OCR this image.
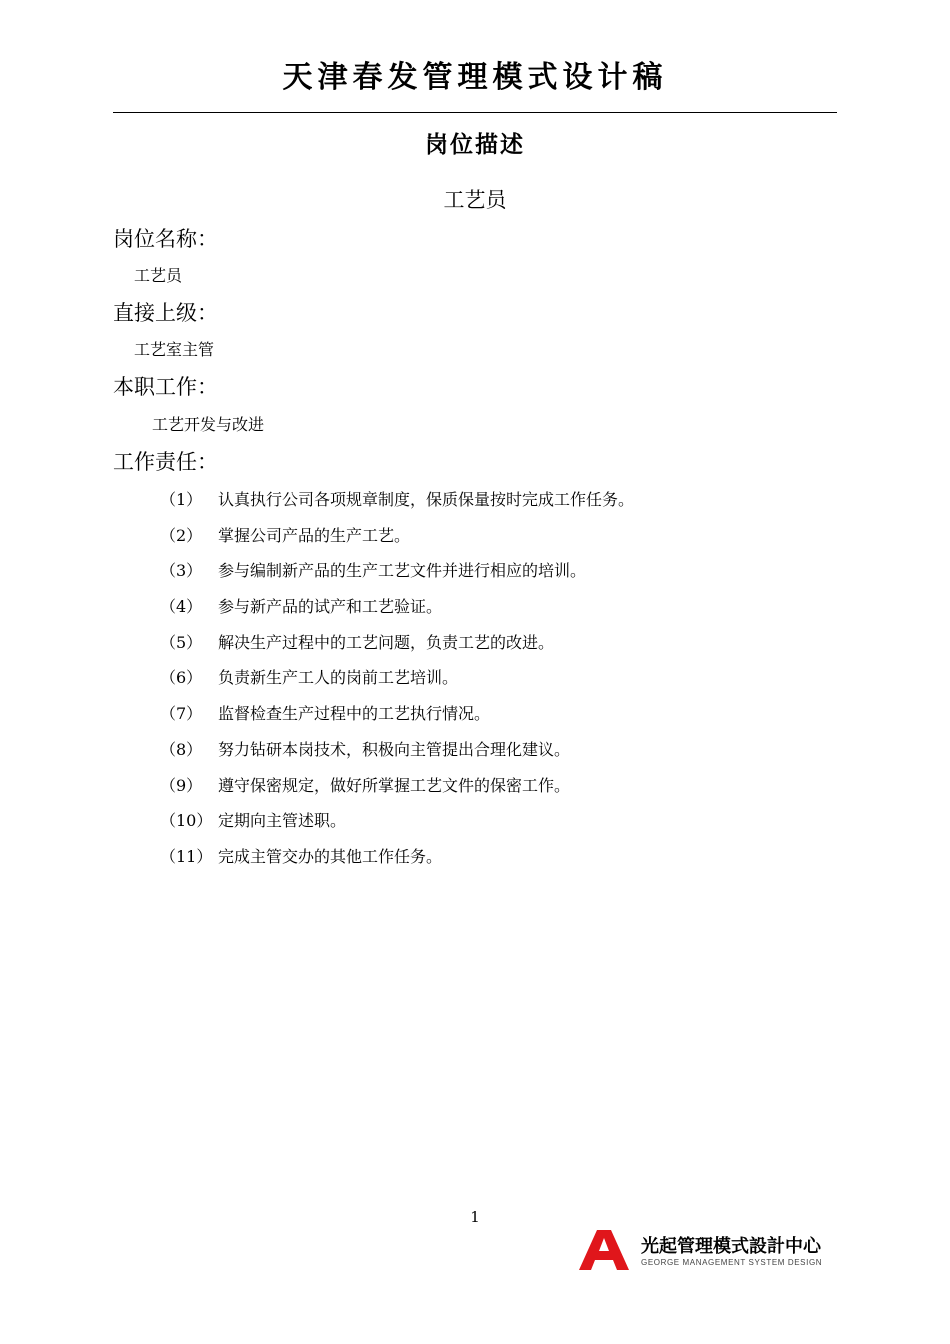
天津春发管理模式设计稿
岗位描述
工艺员
岗位名称：
工艺员
直接上级：
工艺室主管
本职工作：
工艺开发与改进
工作责任：
（1） 认真执行公司各项规章制度，保质保量按时完成工作任务。
（2） 掌握公司产品的生产工艺。
（3） 参与编制新产品的生产工艺文件并进行相应的培训。
（4） 参与新产品的试产和工艺验证。
（5） 解决生产过程中的工艺问题，负责工艺的改进。
（6） 负责新生产工人的岗前工艺培训。
（7） 监督检查生产过程中的工艺执行情况。
（8） 努力钻研本岗技术，积极向主管提出合理化建议。
（9） 遵守保密规定，做好所掌握工艺文件的保密工作。
（10） 定期向主管述职。
（11） 完成主管交办的其他工作任务。
1
光起管理模式設計中心
GEORGE MANAGEMENT SYSTEM DESIGN
